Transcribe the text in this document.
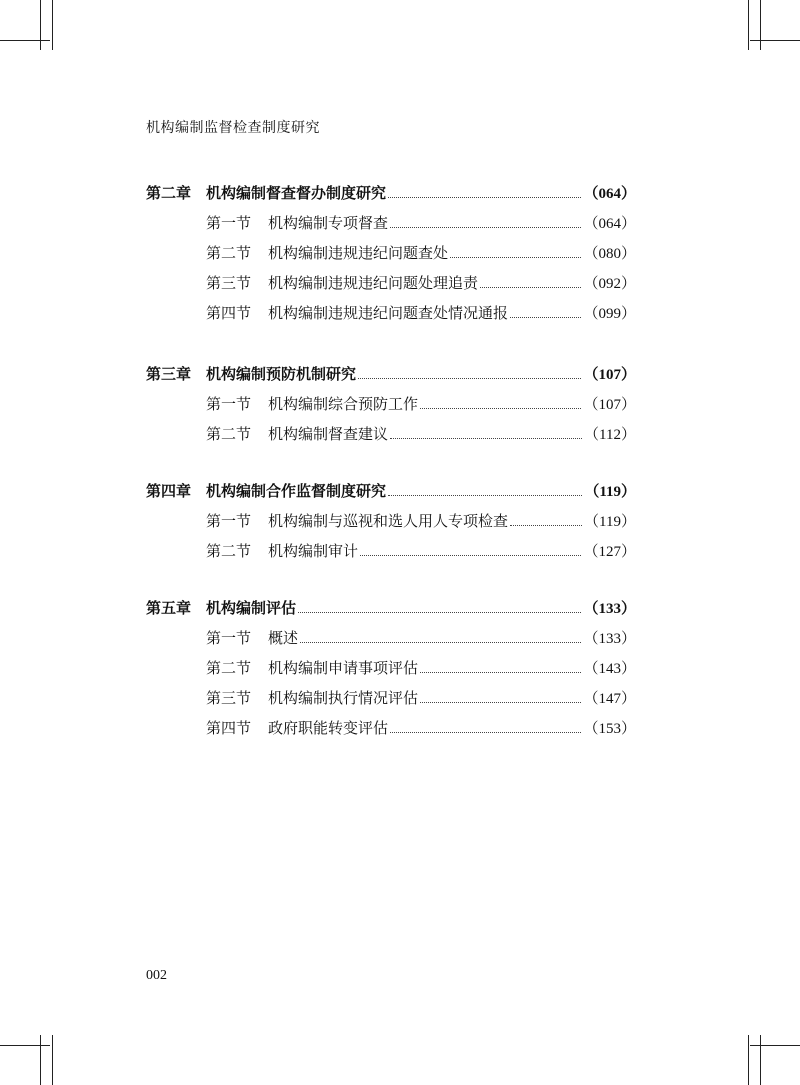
机构编制监督检查制度研究
第二章 机构编制督查督办制度研究	（064）
第一节	机构编制专项督查	（064）
第二节	机构编制违规违纪问题查处	（080）
第三节	机构编制违规违纪问题处理追责	（092）
第四节	机构编制违规违纪问题查处情况通报	（099）
第三章 机构编制预防机制研究	（107）
第一节	机构编制综合预防工作	（107）
第二节	机构编制督查建议	（112）
第四章 机构编制合作监督制度研究	（119）
第一节	机构编制与巡视和选人用人专项检查	（119）
第二节	机构编制审计	（127）
第五章 机构编制评估	（133）
第一节	概述	（133）
第二节	机构编制申请事项评估	（143）
第三节	机构编制执行情况评估	（147）
第四节	政府职能转变评估	（153）
002
